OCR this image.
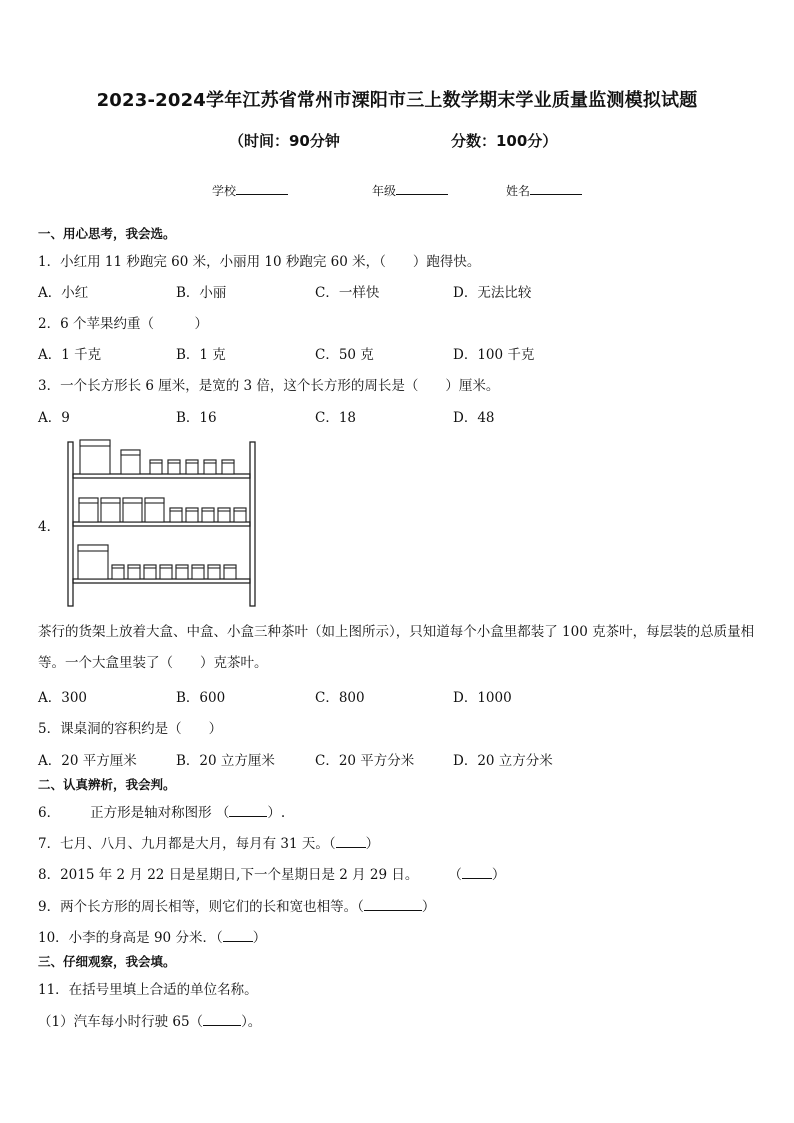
2023-2024学年江苏省常州市溧阳市三上数学期末学业质量监测模拟试题
（时间：90分钟	分数：100分）
学校	年级	姓名
一、用心思考，我会选。
1．小红用 11 秒跑完 60 米，小丽用 10 秒跑完 60 米，（　　）跑得快。
A．小红	B．小丽	C．一样快	D．无法比较
2．6 个苹果约重（　　　）
A．1 千克	B．1 克	C．50 克	D．100 千克
3．一个长方形长 6 厘米，是宽的 3 倍，这个长方形的周长是（　　）厘米。
A．9	B．16	C．18	D．48
4．
茶行的货架上放着大盒、中盒、小盒三种茶叶（如上图所示），只知道每个小盒里都装了 100 克茶叶，每层装的总质量相等。一个大盒里装了（　　）克茶叶。
A．300	B．600	C．800	D．1000
5．课桌洞的容积约是（　　）
A．20 平方厘米	B．20 立方厘米	C．20 平方分米	D．20 立方分米
二、认真辨析，我会判。
6． 正方形是轴对称图形 （	）.
7．七月、八月、九月都是大月，每月有 31 天。（ ）
8．2015 年 2 月 22 日是星期日,下一个星期日是 2 月 29 日。 （ ）
9．两个长方形的周长相等，则它们的长和宽也相等。（	）
10．小李的身高是 90 分米．（ ）
三、仔细观察，我会填。
11．在括号里填上合适的单位名称。
（1）汽车每小时行驶 65（	）。
